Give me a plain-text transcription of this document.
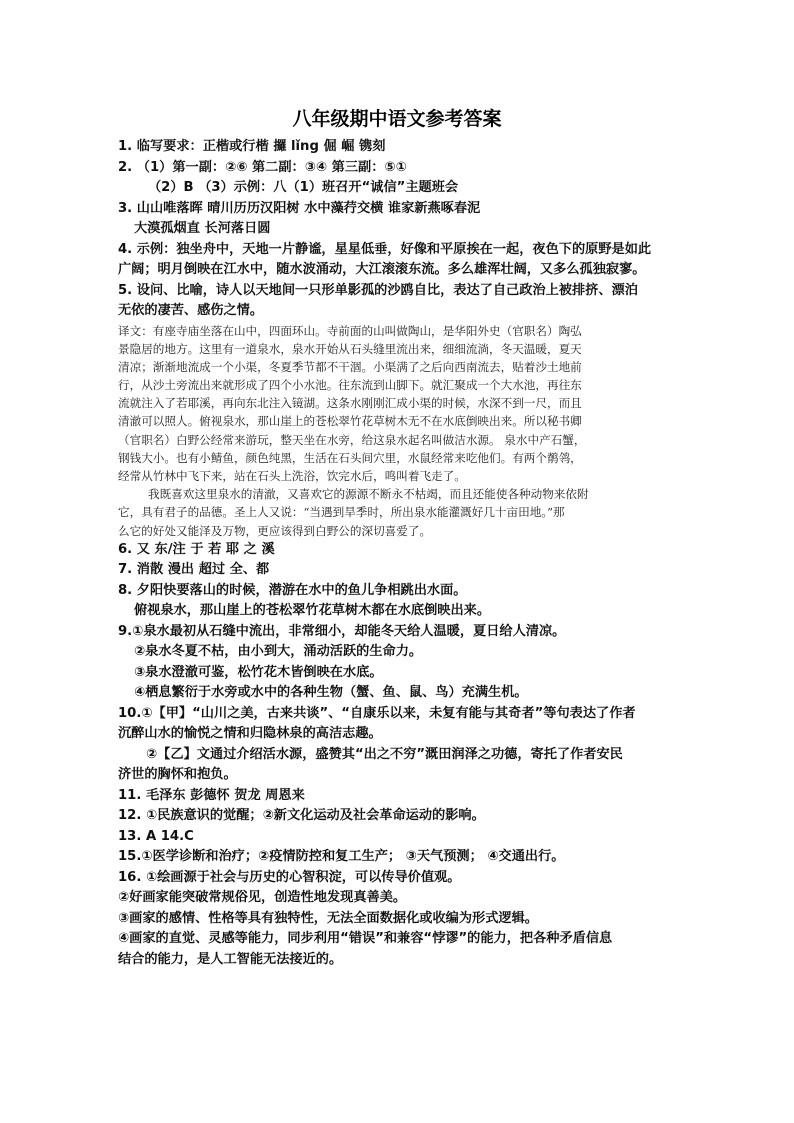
八年级期中语文参考答案
1. 临写要求：正楷或行楷 攞 lǐng 倔 崛 镌刻
2. （1）第一副：②⑥ 第二副：③④ 第三副：⑤①
（2）B （3）示例：八（1）班召开“诚信”主题班会
3. 山山唯落晖 晴川历历汉阳树 水中藻荇交横 谁家新燕啄春泥
大漠孤烟直 长河落日圆
4. 示例：独坐舟中，天地一片静谧，星星低垂，好像和平原挨在一起，夜色下的原野是如此
广阔；明月倒映在江水中，随水波涌动，大江滚滚东流。多么雄浑壮阔，又多么孤独寂寥。
5. 设问、比喻，诗人以天地间一只形单影孤的沙鸥自比，表达了自己政治上被排挤、漂泊
无依的凄苦、感伤之情。
译文：有座寺庙坐落在山中，四面环山。寺前面的山叫做陶山，是华阳外史（官职名）陶弘
景隐居的地方。这里有一道泉水，泉水开始从石头缝里流出来，细细流淌，冬天温暖，夏天
清凉；渐渐地流成一个小渠，冬夏季节都不干涸。小渠满了之后向西南流去，贴着沙土地前
行，从沙土旁流出来就形成了四个小水池。往东流到山脚下。就汇聚成一个大水池，再往东
流就注入了若耶溪，再向东北注入镜湖。这条水刚刚汇成小渠的时候，水深不到一尺，而且
清澈可以照人。俯视泉水，那山崖上的苍松翠竹花草树木无不在水底倒映出来。所以秘书卿
（官职名）白野公经常来游玩，整天坐在水旁，给这泉水起名叫做洁水源。 泉水中产石蟹，
钢钱大小。也有小鲭鱼，颜色纯黑，生活在石头间穴里，水鼠经常来吃他们。有两个鹡鸰，
经常从竹林中飞下来，站在石头上洗浴，饮完水后，鸣叫着飞走了。
我既喜欢这里泉水的清澈，又喜欢它的源源不断永不枯竭，而且还能使各种动物来依附
它，具有君子的品德。圣上人又说：“当遇到旱季时，所出泉水能灌溉好几十亩田地。”那
么它的好处又能泽及万物，更应该得到白野公的深切喜爱了。
6. 又 东/注 于 若 耶 之 溪
7. 消散 漫出 超过 全、都
8. 夕阳快要落山的时候，潜游在水中的鱼儿争相跳出水面。
俯视泉水，那山崖上的苍松翠竹花草树木都在水底倒映出来。
9.①泉水最初从石缝中流出，非常细小，却能冬天给人温暖，夏日给人清凉。
②泉水冬夏不枯，由小到大，涌动活跃的生命力。
③泉水澄澈可鉴，松竹花木皆倒映在水底。
④栖息繁衍于水旁或水中的各种生物（蟹、鱼、鼠、鸟）充满生机。
10.①【甲】“山川之美，古来共谈”、“自康乐以来，未复有能与其奇者”等句表达了作者
沉醉山水的愉悦之情和归隐林泉的高洁志趣。
②【乙】文通过介绍活水源，盛赞其“出之不穷”溉田润泽之功德，寄托了作者安民
济世的胸怀和抱负。
11. 毛泽东 彭德怀 贺龙 周恩来
12. ①民族意识的觉醒；②新文化运动及社会革命运动的影响。
13. A 14.C
15.①医学诊断和治疗；②疫情防控和复工生产； ③天气预测； ④交通出行。
16. ①绘画源于社会与历史的心智积淀，可以传导价值观。
②好画家能突破常规俗见，创造性地发现真善美。
③画家的感情、性格等具有独特性，无法全面数据化或收编为形式逻辑。
④画家的直觉、灵感等能力，同步利用“错误”和兼容“悖谬”的能力，把各种矛盾信息
结合的能力，是人工智能无法接近的。
